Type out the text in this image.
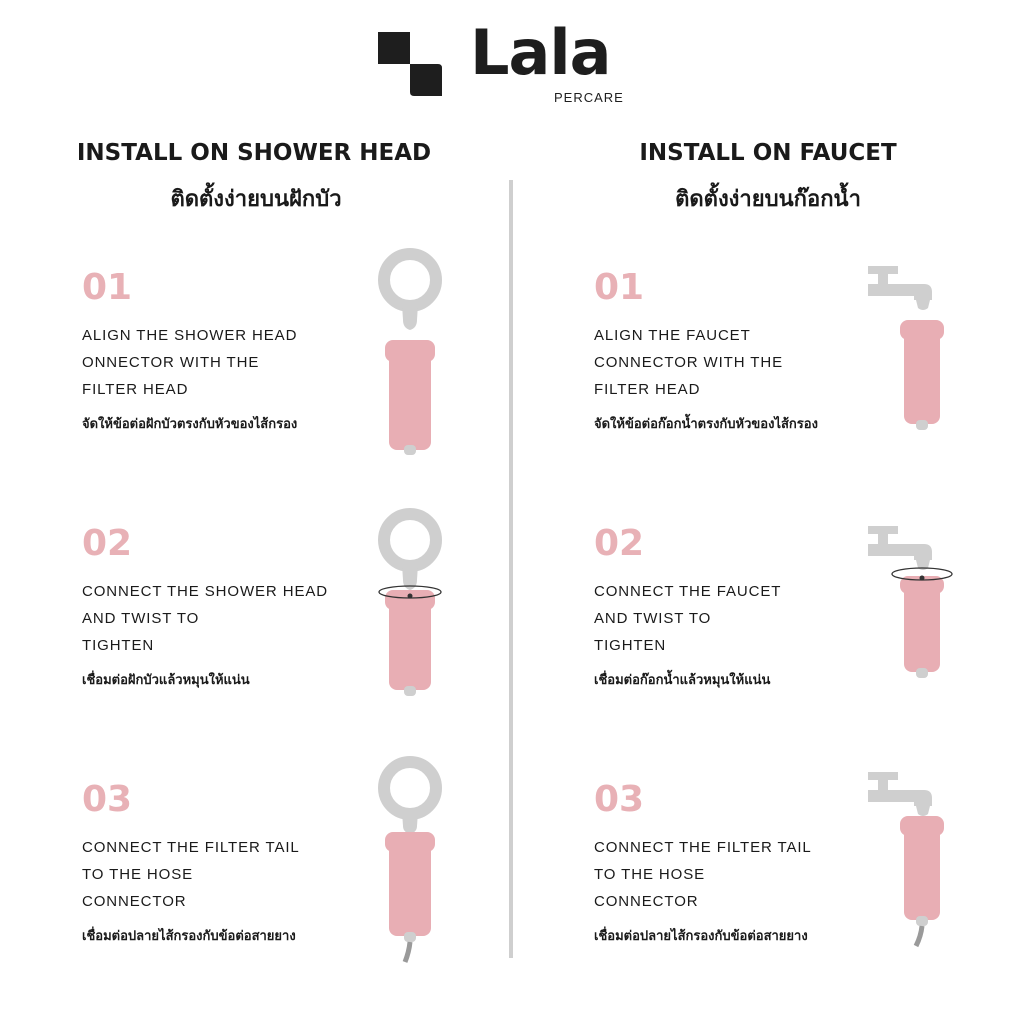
Lala
PERCARE
INSTALL ON SHOWER HEAD
ติดตั้งง่ายบนฝักบัว
INSTALL ON FAUCET
ติดตั้งง่ายบนก๊อกน้ำ
01
ALIGN THE SHOWER HEAD
ONNECTOR WITH THE
FILTER HEAD
จัดให้ข้อต่อฝักบัวตรงกับหัวของไส้กรอง
02
CONNECT THE SHOWER HEAD
AND TWIST TO
TIGHTEN
เชื่อมต่อฝักบัวแล้วหมุนให้แน่น
03
CONNECT THE FILTER TAIL
TO THE HOSE
CONNECTOR
เชื่อมต่อปลายไส้กรองกับข้อต่อสายยาง
01
ALIGN THE FAUCET
CONNECTOR WITH THE
FILTER HEAD
จัดให้ข้อต่อก๊อกน้ำตรงกับหัวของไส้กรอง
02
CONNECT THE FAUCET
AND TWIST TO
TIGHTEN
เชื่อมต่อก๊อกน้ำแล้วหมุนให้แน่น
03
CONNECT THE FILTER TAIL
TO THE HOSE
CONNECTOR
เชื่อมต่อปลายไส้กรองกับข้อต่อสายยาง
